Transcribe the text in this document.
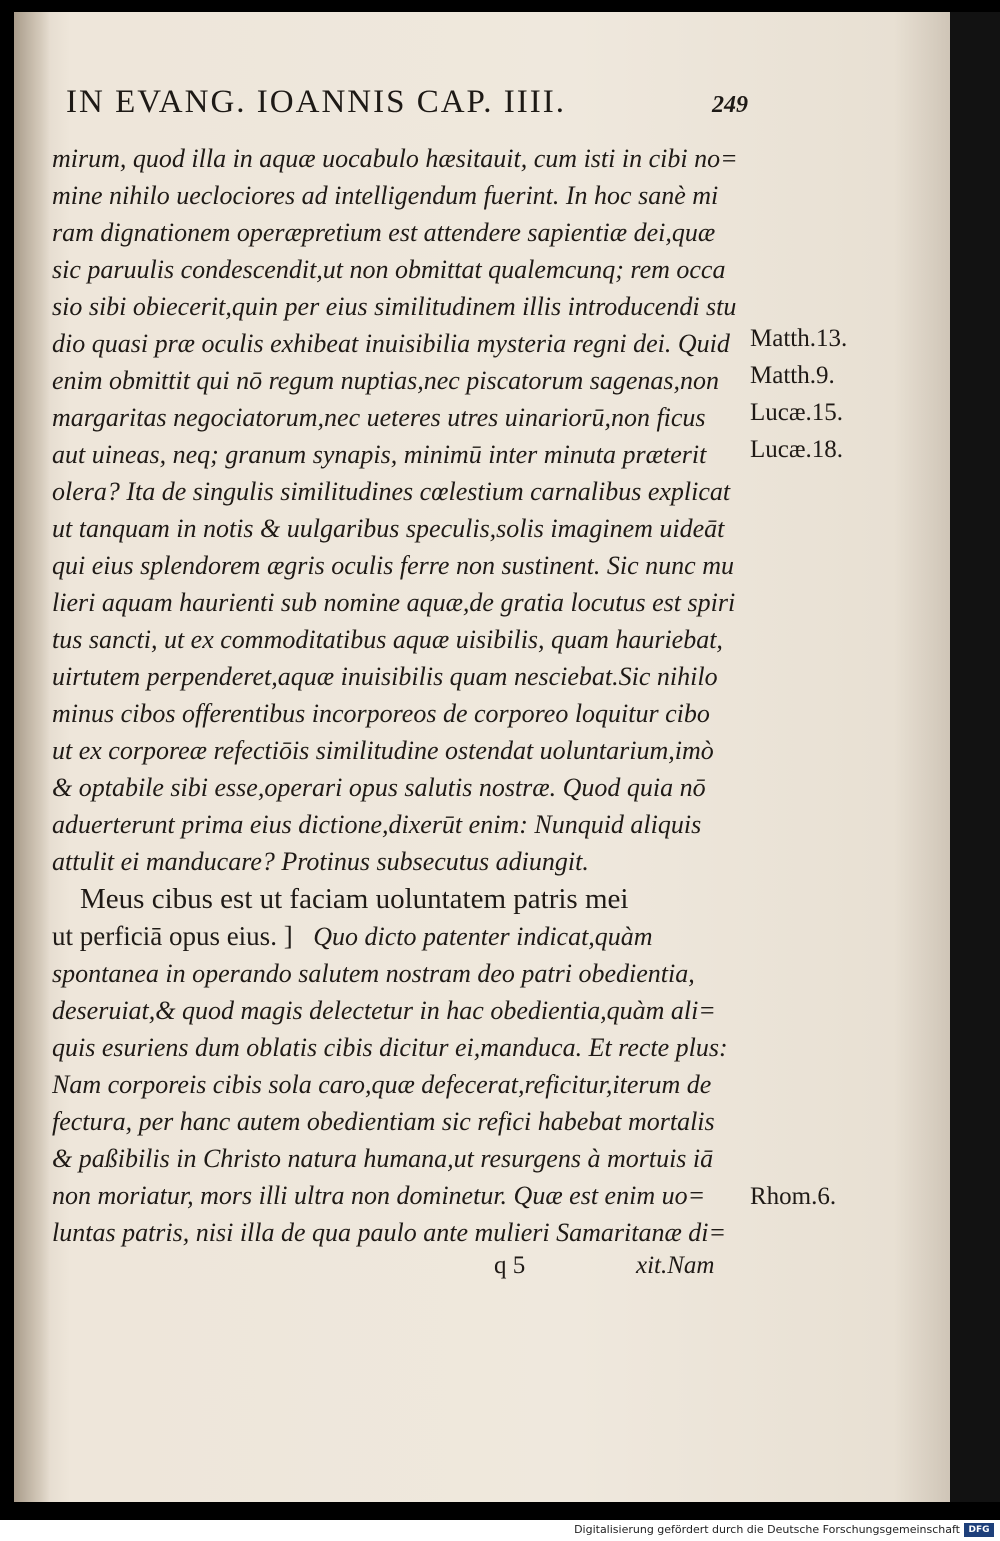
IN EVANG. IOANNIS CAP. IIII.	249
mirum, quod illa in aquæ uocabulo hæsitauit, cum isti in cibi no=
mine nihilo ueclociores ad intelligendum fuerint. In hoc sanè mi
ram dignationem operæpretium est attendere sapientiæ dei,quæ
sic paruulis condescendit,ut non obmittat qualemcunq; rem occa
sio sibi obiecerit,quin per eius similitudinem illis introducendi stu
dio quasi præ oculis exhibeat inuisibilia mysteria regni dei. Quid
enim obmittit qui nō regum nuptias,nec piscatorum sagenas,non
margaritas negociatorum,nec ueteres utres uinariorū,non ficus
aut uineas, neq; granum synapis, minimū inter minuta præterit
olera? Ita de singulis similitudines cœlestium carnalibus explicat
ut tanquam in notis & uulgaribus speculis,solis imaginem uideāt
qui eius splendorem ægris oculis ferre non sustinent. Sic nunc mu
lieri aquam haurienti sub nomine aquæ,de gratia locutus est spiri
tus sancti, ut ex commoditatibus aquæ uisibilis, quam hauriebat,
uirtutem perpenderet,aquæ inuisibilis quam nesciebat.Sic nihilo
minus cibos offerentibus incorporeos de corporeo loquitur cibo
ut ex corporeæ refectiōis similitudine ostendat uoluntarium,imò
& optabile sibi esse,operari opus salutis nostræ. Quod quia nō
aduerterunt prima eius dictione,dixerūt enim: Nunquid aliquis
attulit ei manducare? Protinus subsecutus adiungit.
Meus cibus est ut faciam uoluntatem patris mei
ut perficiā opus eius. ] Quo dicto patenter indicat,quàm
spontanea in operando salutem nostram deo patri obedientia,
deseruiat,& quod magis delectetur in hac obedientia,quàm ali=
quis esuriens dum oblatis cibis dicitur ei,manduca. Et recte plus:
Nam corporeis cibis sola caro,quæ defecerat,reficitur,iterum de
fectura, per hanc autem obedientiam sic refici habebat mortalis
& paßibilis in Christo natura humana,ut resurgens à mortuis iā
non moriatur, mors illi ultra non dominetur. Quæ est enim uo=
luntas patris, nisi illa de qua paulo ante mulieri Samaritanæ di=
Matth.13.
Matth.9.
Lucæ.15.
Lucæ.18.
Rhom.6.
q 5	xit.Nam
Digitalisierung gefördert durch die Deutsche Forschungsgemeinschaft DFG
